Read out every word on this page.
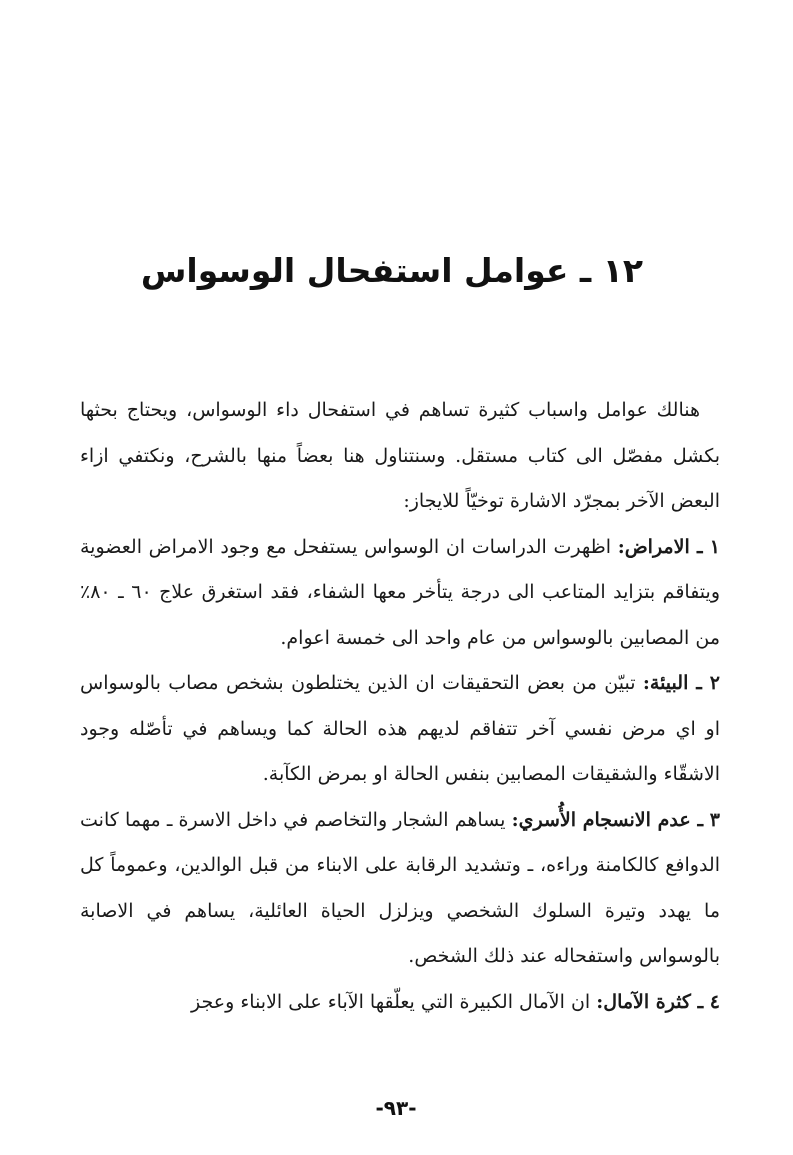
١٢ ـ عوامل استفحال الوسواس

هنالك عوامل واسباب كثيرة تساهم في استفحال داء الوسواس، ويحتاج بحثها بكشل مفصّل الى كتاب مستقل. وسنتناول هنا بعضاً منها بالشرح، ونكتفي ازاء البعض الآخر بمجرّد الاشارة توخيّاً للايجاز:

١ ـ الامراض: اظهرت الدراسات ان الوسواس يستفحل مع وجود الامراض العضوية ويتفاقم بتزايد المتاعب الى درجة يتأخر معها الشفاء، فقد استغرق علاج ٦٠ ـ ٨٠٪ من المصابين بالوسواس من عام واحد الى خمسة اعوام.

٢ ـ البيئة: تبيّن من بعض التحقيقات ان الذين يختلطون بشخص مصاب بالوسواس او اي مرض نفسي آخر تتفاقم لديهم هذه الحالة كما ويساهم في تأصّله وجود الاشقّاء والشقيقات المصابين بنفس الحالة او بمرض الكآبة.

٣ ـ عدم الانسجام الأُسري: يساهم الشجار والتخاصم في داخل الاسرة ـ مهما كانت الدوافع كالكامنة وراءه، ـ وتشديد الرقابة على الابناء من قبل الوالدين، وعموماً كل ما يهدد وتيرة السلوك الشخصي ويزلزل الحياة العائلية، يساهم في الاصابة بالوسواس واستفحاله عند ذلك الشخص.

٤ ـ كثرة الآمال: ان الآمال الكبيرة التي يعلّقها الآباء على الابناء وعجز

-٩٣-
